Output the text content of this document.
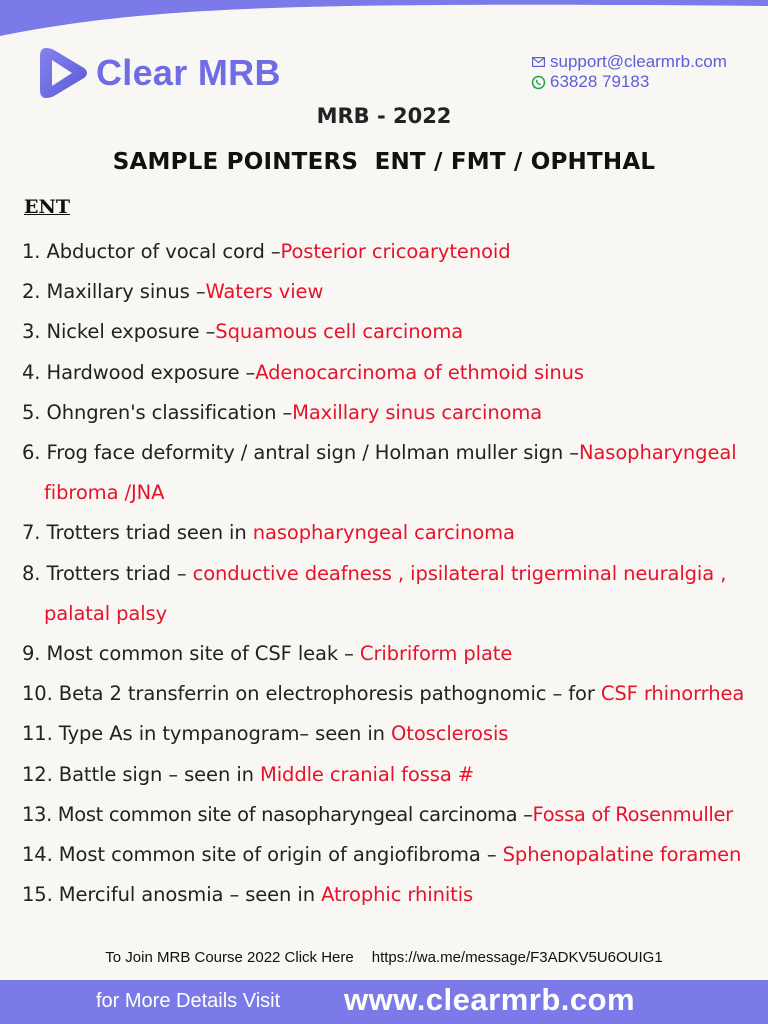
Clear MRB	support@clearmrb.com
63828 79183
MRB - 2022
SAMPLE POINTERS  ENT / FMT / OPHTHAL
ENT
1. Abductor of vocal cord –Posterior cricoarytenoid
2. Maxillary sinus –Waters view
3. Nickel exposure –Squamous cell carcinoma
4. Hardwood exposure –Adenocarcinoma of ethmoid sinus
5. Ohngren's classification –Maxillary sinus carcinoma
6. Frog face deformity / antral sign / Holman muller sign –Nasopharyngeal
fibroma /JNA
7. Trotters triad seen in nasopharyngeal carcinoma
8. Trotters triad – conductive deafness , ipsilateral trigerminal neuralgia ,
palatal palsy
9. Most common site of CSF leak – Cribriform plate
10. Beta 2 transferrin on electrophoresis pathognomic – for CSF rhinorrhea
11. Type As in tympanogram– seen in Otosclerosis
12. Battle sign – seen in Middle cranial fossa #
13. Most common site of nasopharyngeal carcinoma –Fossa of Rosenmuller
14. Most common site of origin of angiofibroma – Sphenopalatine foramen
15. Merciful anosmia – seen in Atrophic rhinitis
To Join MRB Course 2022 Click Here https://wa.me/message/F3ADKV5U6OUIG1
for More Details Visit www.clearmrb.com
